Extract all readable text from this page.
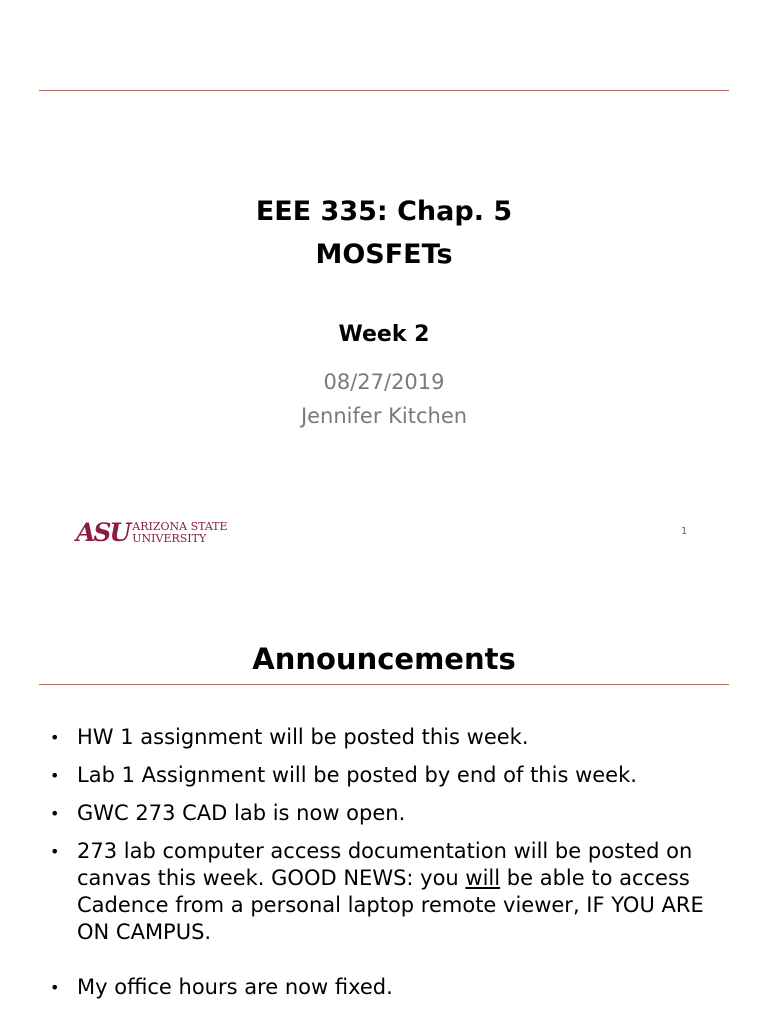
EEE 335: Chap. 5
MOSFETs
Week 2
08/27/2019
Jennifer Kitchen
ASU ARIZONA STATE
UNIVERSITY
1
Announcements
• HW 1 assignment will be posted this week.
• Lab 1 Assignment will be posted by end of this week.
• GWC 273 CAD lab is now open.
• 273 lab computer access documentation will be posted on canvas this week. GOOD NEWS: you will be able to access Cadence from a personal laptop remote viewer, IF YOU ARE ON CAMPUS.
• My office hours are now fixed.
